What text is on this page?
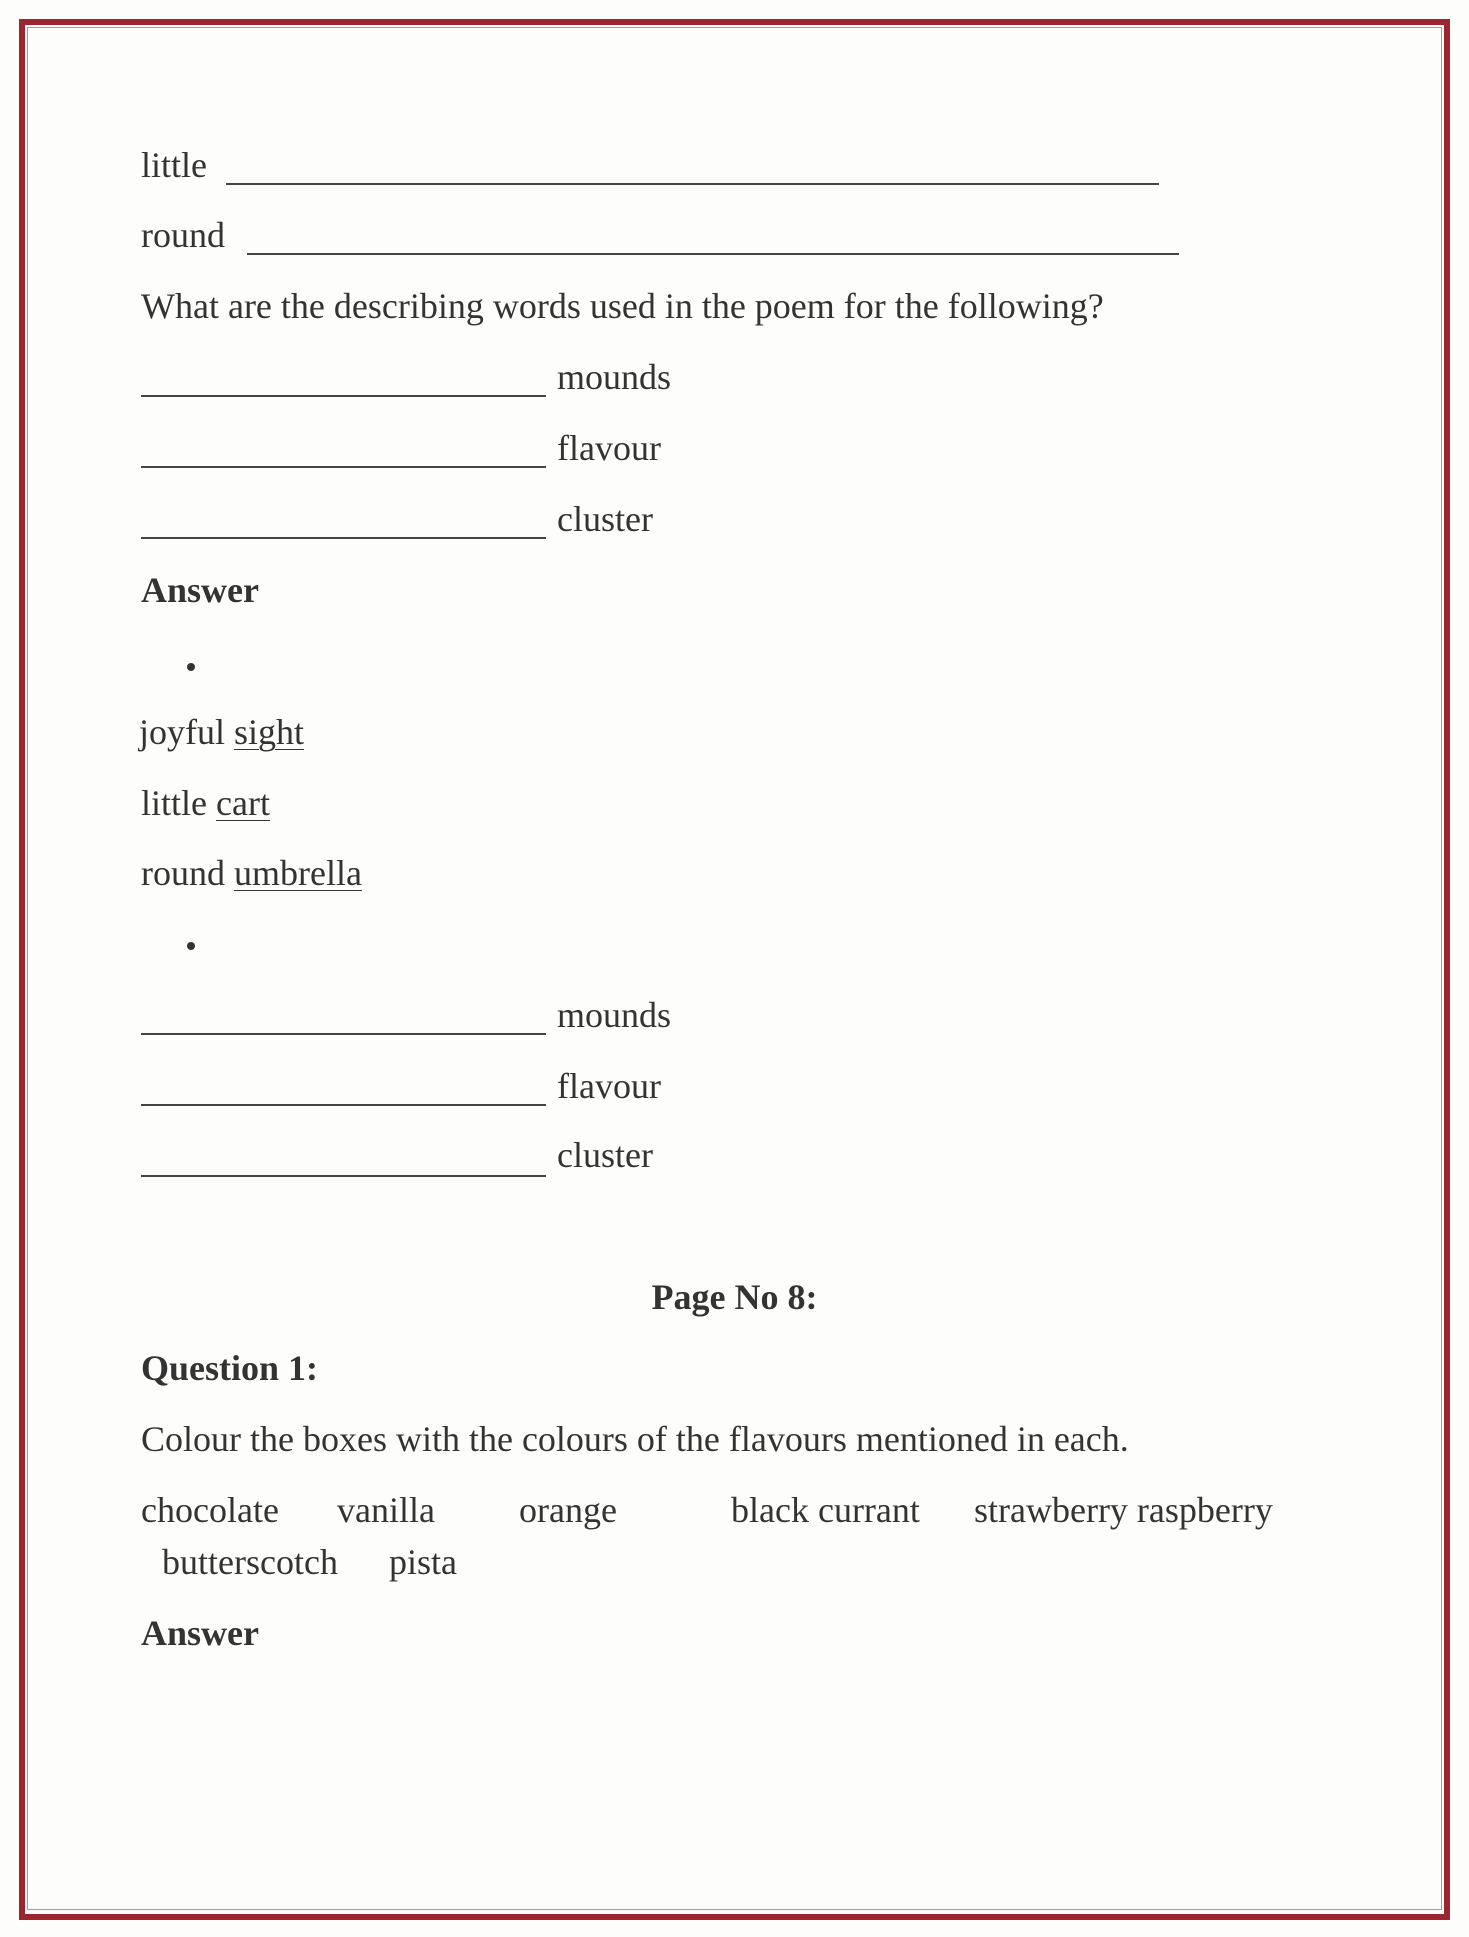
little
round
What are the describing words used in the poem for the following?
mounds
flavour
cluster
Answer
joyful sight
little cart
round umbrella
mounds
flavour
cluster
Page No 8:
Question 1:
Colour the boxes with the colours of the flavours mentioned in each.
chocolate vanilla orange	black currant strawberry raspberry
butterscotch pista
Answer
